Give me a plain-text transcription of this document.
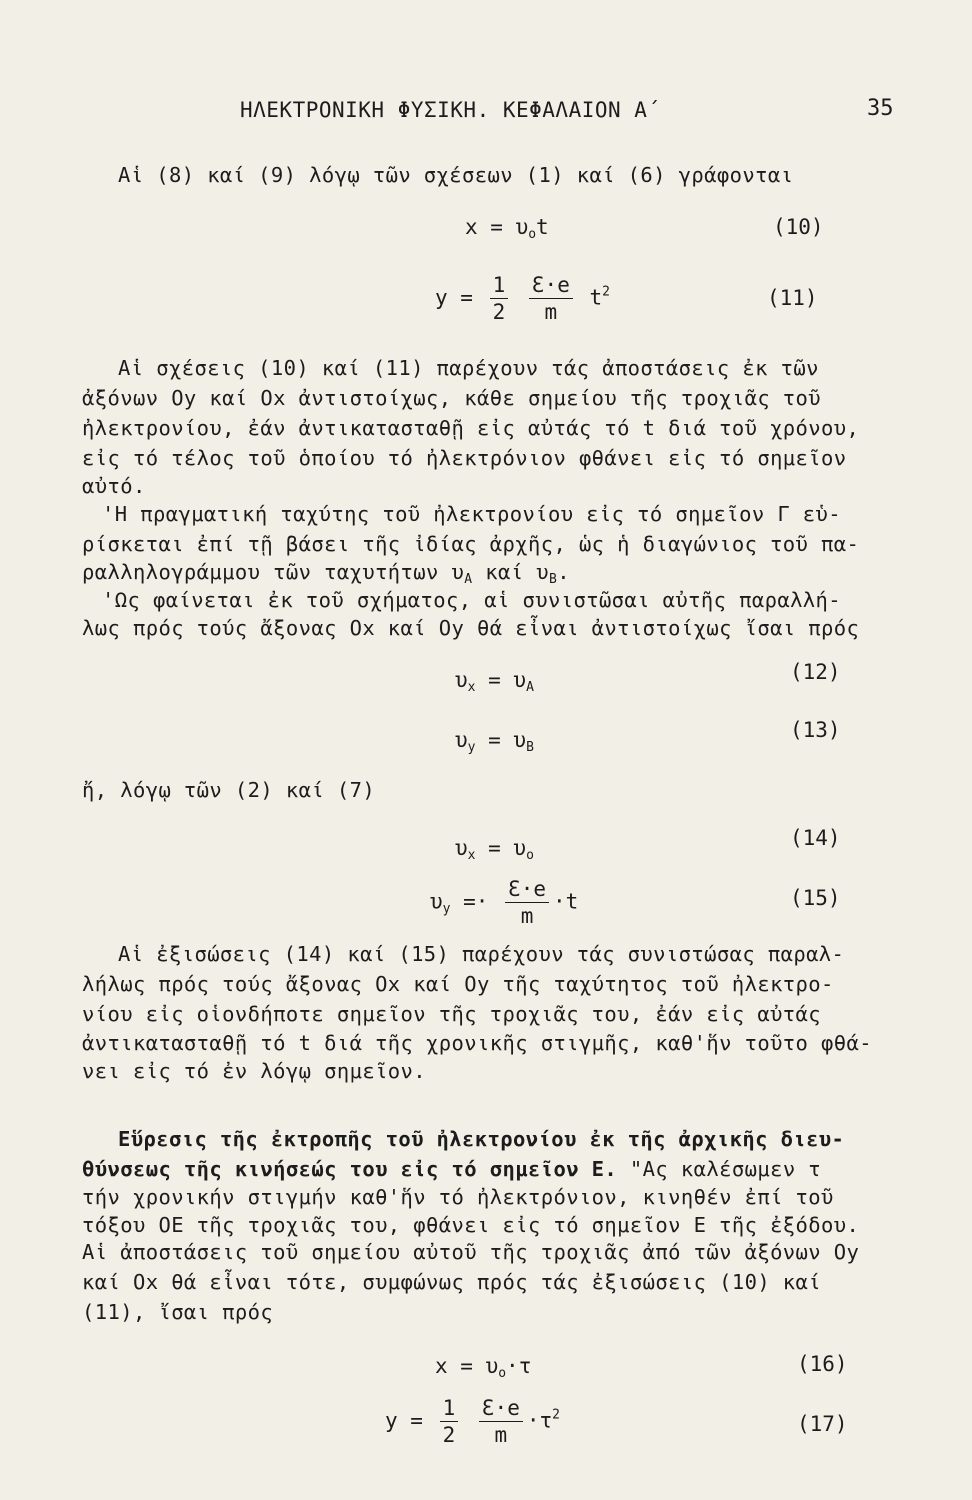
ΗΛΕΚΤΡΟΝΙΚΗ ΦΥΣΙΚΗ. ΚΕΦΑΛΑΙΟΝ Α΄	35
Αἱ (8) καί (9) λόγῳ τῶν σχέσεων (1) καί (6) γράφονται
$x = \upsilon_ot$	(10)
$y = \frac{1}{2}$
$\frac{Ɛ\cdot e}{m} t^2$	(11)
Αἱ σχέσεις (10) καί (11) παρέχουν τάς ἀποστάσεις ἐκ τῶν
ἀξόνων Οy καί Οx ἀντιστοίχως, κάθε σημείου τῆς τροχιᾶς τοῦ
ἠλεκτρονίου, ἐάν ἀντικατασταθῇ εἰς αὐτάς τό t διά τοῦ χρόνου,
εἰς τό τέλος τοῦ ὁποίου τό ἠλεκτρόνιον φθάνει εἰς τό σημεῖον
αὐτό.
'Η πραγματική ταχύτης τοῦ ἠλεκτρονίου εἰς τό σημεῖον Γ εὑ-
ρίσκεται ἐπί τῇ βάσει τῆς ἰδίας ἀρχῆς, ὡς ἡ διαγώνιος τοῦ πα-
ραλληλογράμμου τῶν ταχυτήτων $\upsilon_A$ καί $\upsilon_B$.
'Ως φαίνεται ἐκ τοῦ σχήματος, αἱ συνιστῶσαι αὐτῆς παραλλή-
λως πρός τούς ἄξονας Οx καί Οy θά εἶναι ἀντιστοίχως ἴσαι πρός
$\upsilon_x = \upsilon_A$
(12)
$\upsilon_y = \upsilon_B$
(13)
ἤ, λόγῳ τῶν (2) καί (7)
$\upsilon_x = \upsilon_o$
(14)
$\upsilon_y =\cdot \frac{Ɛ\cdot e}{m} \cdot t$	(15)
Αἱ ἐξισώσεις (14) καί (15) παρέχουν τάς συνιστώσας παραλ-
λήλως πρός τούς ἄξονας Οx καί Οy τῆς ταχύτητος τοῦ ἠλεκτρο-
νίου εἰς οἱονδήποτε σημεῖον τῆς τροχιᾶς του, ἐάν εἰς αὐτάς
ἀντικατασταθῇ τό t διά τῆς χρονικῆς στιγμῆς, καθ'ἥν τοῦτο φθά-
νει εἰς τό ἐν λόγῳ σημεῖον.
Εὕρεσις τῆς ἐκτροπῆς τοῦ ἠλεκτρονίου ἐκ τῆς ἀρχικῆς διευ-
θύνσεως τῆς κινήσεώς του εἰς τό σημεῖον Ε. "Ας καλέσωμεν τ
τήν χρονικήν στιγμήν καθ'ἥν τό ἠλεκτρόνιον, κινηθέν ἐπί τοῦ
τόξου ΟΕ τῆς τροχιᾶς του, φθάνει εἰς τό σημεῖον Ε τῆς ἐξόδου.
Αἱ ἀποστάσεις τοῦ σημείου αὐτοῦ τῆς τροχιᾶς ἀπό τῶν ἀξόνων Οy
καί Οx θά εἶναι τότε, συμφώνως πρός τάς ἐξισώσεις (10) καί
(11), ἴσαι πρός
$x = \upsilon_o\cdot\tau$	(16)
$y = \frac{1}{2}$
$\frac{Ɛ\cdot e}{m} \cdot\tau^2$	(17)
